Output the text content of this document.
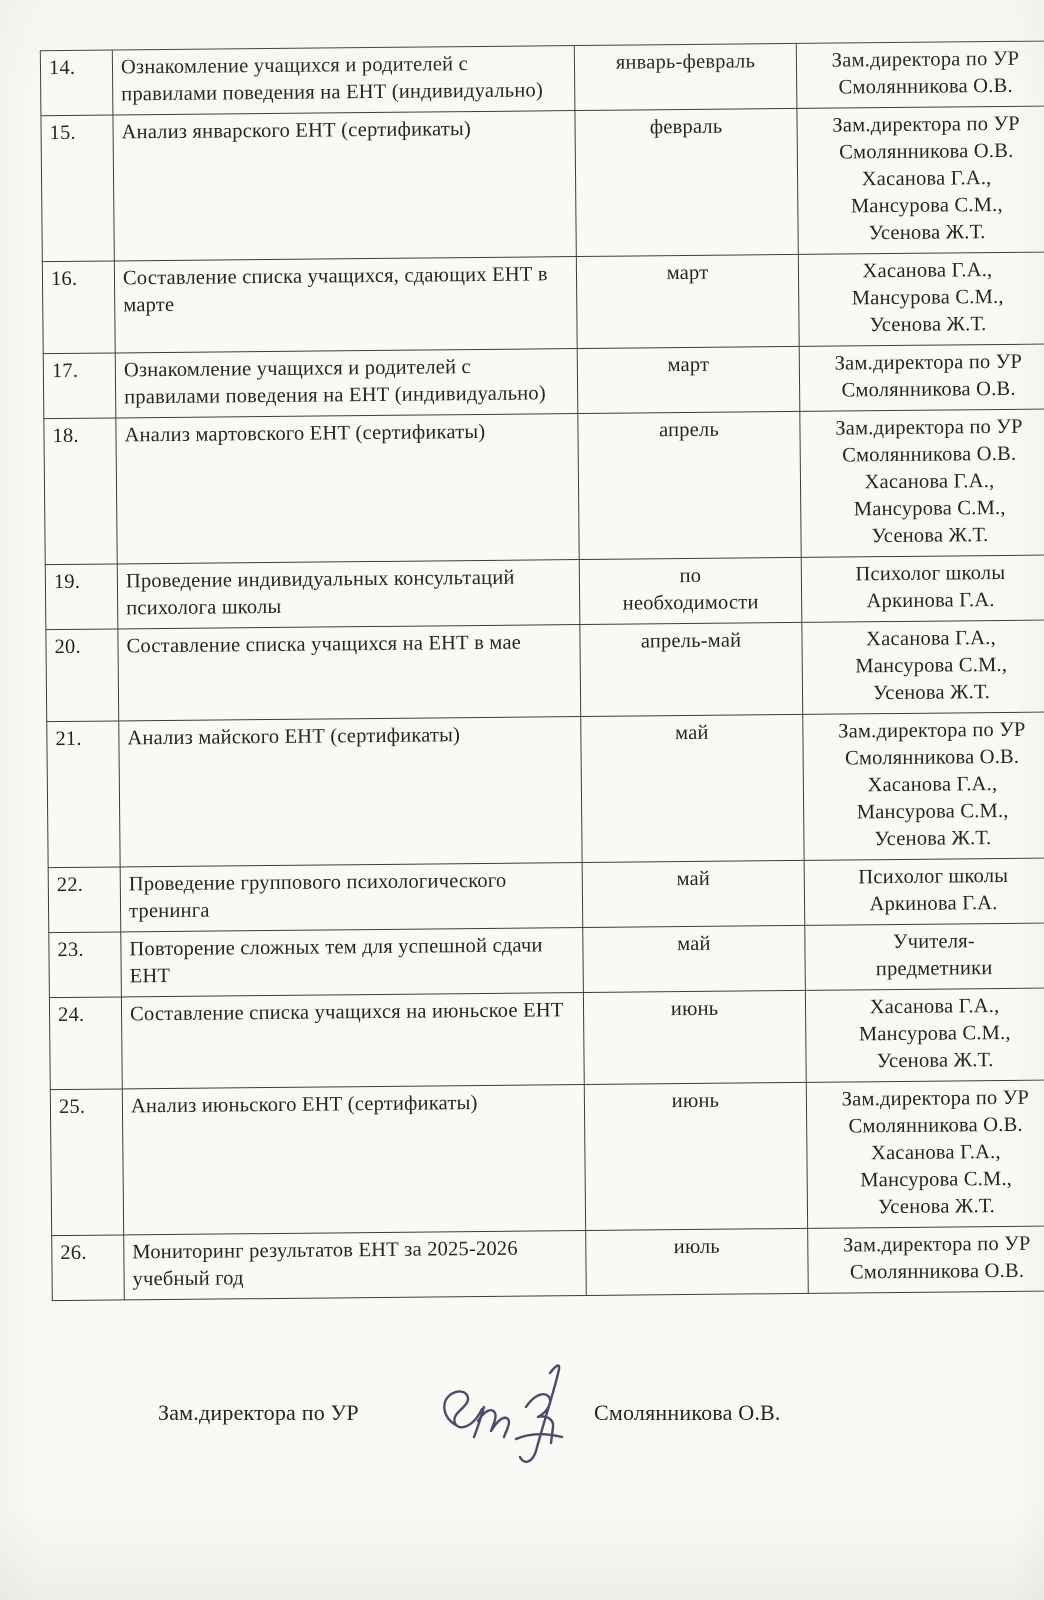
14.	Ознакомление учащихся и родителей с правилами поведения на ЕНТ (индивидуально)	январь-февраль	Зам.директора по УР
Смолянникова О.В.
15.	Анализ январского ЕНТ (сертификаты)	февраль	Зам.директора по УР
Смолянникова О.В.
Хасанова Г.А.,
Мансурова С.М.,
Усенова Ж.Т.
16.	Составление списка учащихся, сдающих ЕНТ в марте	март	Хасанова Г.А.,
Мансурова С.М.,
Усенова Ж.Т.
17.	Ознакомление учащихся и родителей с правилами поведения на ЕНТ (индивидуально)	март	Зам.директора по УР
Смолянникова О.В.
18.	Анализ мартовского ЕНТ (сертификаты)	апрель	Зам.директора по УР
Смолянникова О.В.
Хасанова Г.А.,
Мансурова С.М.,
Усенова Ж.Т.
19.	Проведение индивидуальных консультаций психолога школы	по
необходимости	Психолог школы
Аркинова Г.А.
20.	Составление списка учащихся на ЕНТ в мае	апрель-май	Хасанова Г.А.,
Мансурова С.М.,
Усенова Ж.Т.
21.	Анализ майского ЕНТ (сертификаты)	май	Зам.директора по УР
Смолянникова О.В.
Хасанова Г.А.,
Мансурова С.М.,
Усенова Ж.Т.
22.	Проведение группового психологического тренинга	май	Психолог школы
Аркинова Г.А.
23.	Повторение сложных тем для успешной сдачи ЕНТ	май	Учителя-
предметники
24.	Составление списка учащихся на июньское ЕНТ	июнь	Хасанова Г.А.,
Мансурова С.М.,
Усенова Ж.Т.
25.	Анализ июньского ЕНТ (сертификаты)	июнь	Зам.директора по УР
Смолянникова О.В.
Хасанова Г.А.,
Мансурова С.М.,
Усенова Ж.Т.
26.	Мониторинг результатов ЕНТ за 2025-2026 учебный год	июль	Зам.директора по УР
Смолянникова О.В.
Зам.директора по УР	Смолянникова О.В.
